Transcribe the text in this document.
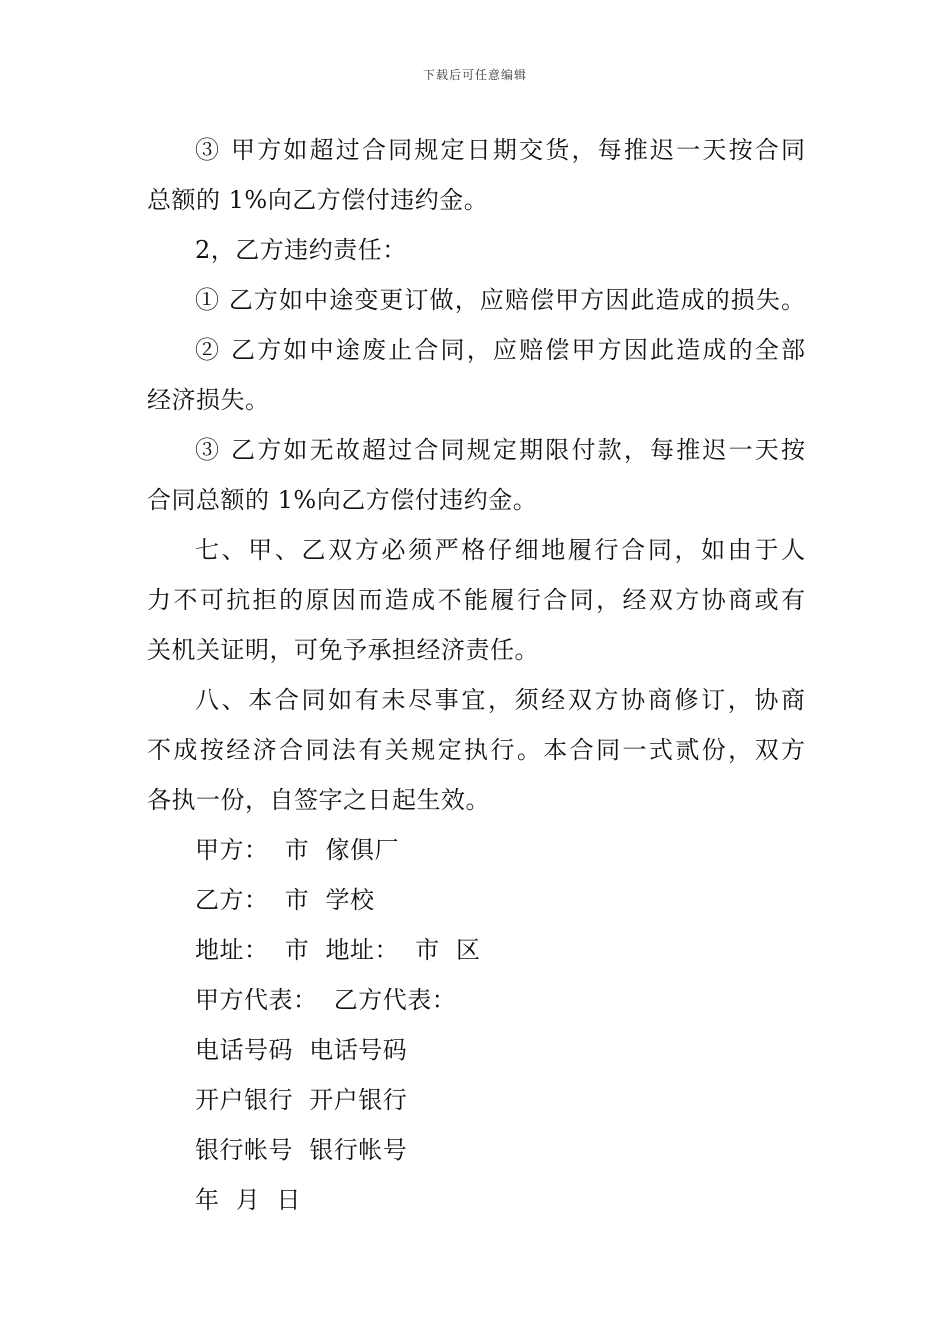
下载后可任意编辑
③ 甲方如超过合同规定日期交货，每推迟一天按合同
总额的 1%向乙方偿付违约金。
2，乙方违约责任：
① 乙方如中途变更订做，应赔偿甲方因此造成的损失。
② 乙方如中途废止合同，应赔偿甲方因此造成的全部
经济损失。
③ 乙方如无故超过合同规定期限付款，每推迟一天按
合同总额的 1%向乙方偿付违约金。
七、甲、乙双方必须严格仔细地履行合同，如由于人
力不可抗拒的原因而造成不能履行合同，经双方协商或有
关机关证明，可免予承担经济责任。
八、本合同如有未尽事宜，须经双方协商修订，协商
不成按经济合同法有关规定执行。本合同一式贰份，双方
各执一份，自签字之日起生效。
甲方：  市  傢俱厂
乙方：  市  学校
地址：  市  地址：  市  区
甲方代表：  乙方代表：
电话号码  电话号码
开户银行  开户银行
银行帐号  银行帐号
年  月  日
